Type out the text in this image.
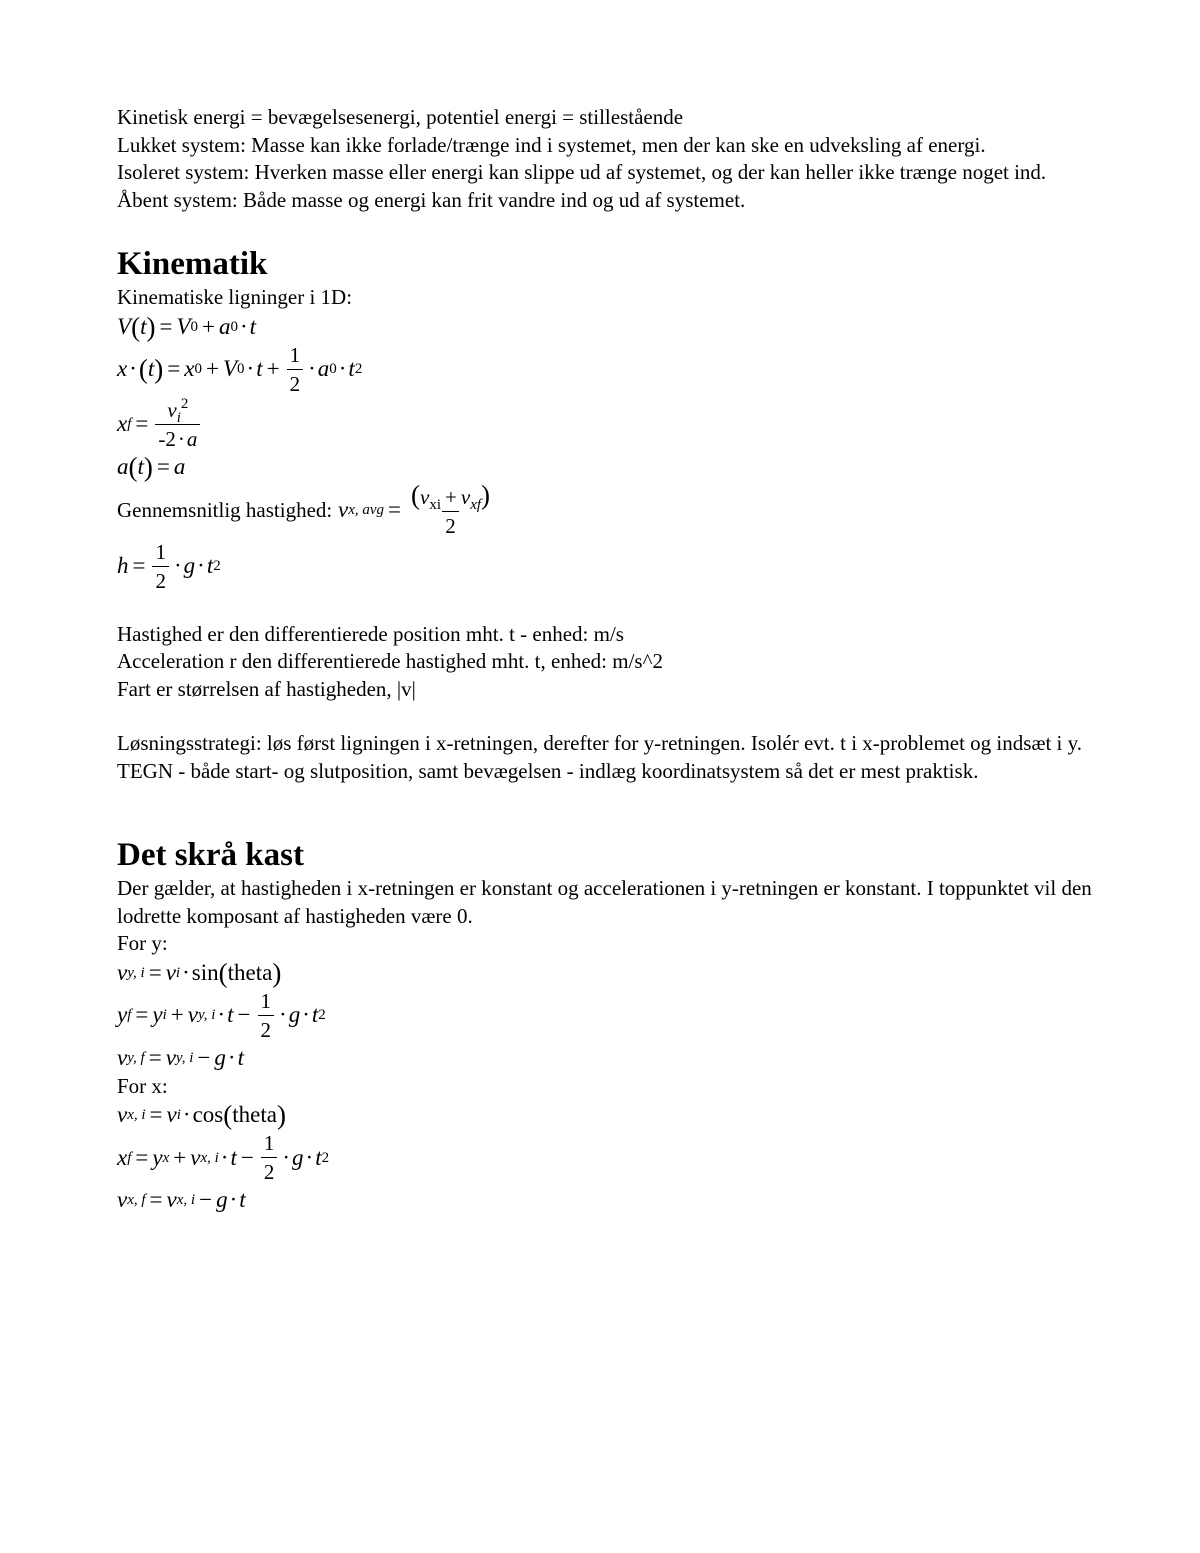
Kinetisk energi = bevægelsesenergi, potentiel energi = stillestående

Lukket system: Masse kan ikke forlade/trænge ind i systemet, men der kan ske en udveksling af energi.

Isoleret system: Hverken masse eller energi kan slippe ud af systemet, og der kan heller ikke trænge noget ind.

Åbent system: Både masse og energi kan frit vandre ind og ud af systemet.

Kinematik

Kinematiske ligninger i 1D:

V ( t ) = V 0 + a 0 · t
x · ( t ) = x 0 + V $0 \cdot t + \frac{1}{2} \cdot a$ 0 · t 2
x $f = \frac{v_i^2}{-2\cdot a}$
a ( t ) = a
Gennemsnitlig hastighed:
v x, avg = $\frac{(v_{xi} + v_{xf})}{2}$
$h = \frac{1}{2} \cdot g \cdot t$ 2

Hastighed er den differentierede position mht. t - enhed: m/s

Acceleration r den differentierede hastighed mht. t, enhed: m/s^2

Fart er størrelsen af hastigheden, |v|

Løsningsstrategi: løs først ligningen i x-retningen, derefter for y-retningen. Isolér evt. t i x-problemet og indsæt i y. TEGN - både start- og slutposition, samt bevægelsen - indlæg koordinatsystem så det er mest praktisk.

Det skrå kast

Der gælder, at hastigheden i x-retningen er konstant og accelerationen i y-retningen er konstant. I toppunktet vil den lodrette komposant af hastigheden være 0.

For y:

v y, i = v i · sin ( theta )
y f = y i + v y, $i \cdot t - \frac{1}{2} \cdot g \cdot t$ 2
v y, f = v y, i − g · t

For x:

v x, i = v i · cos ( theta )
x f = y x + v x, $i \cdot t - \frac{1}{2} \cdot g \cdot t$ 2
v x, f = v x, i − g · t
